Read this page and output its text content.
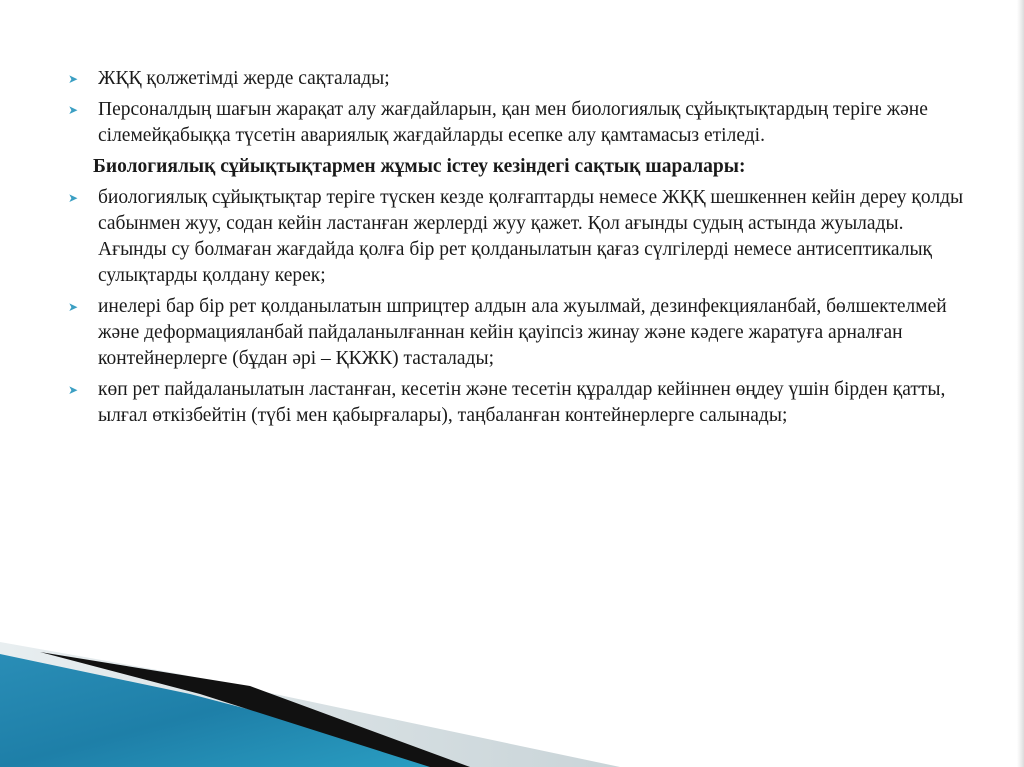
➤	ЖҚҚ қолжетімді жерде сақталады;
➤	Персоналдың шағын жарақат алу жағдайларын, қан мен биологиялық сұйықтықтардың теріге және сілемейқабыққа түсетін авариялық жағдайларды есепке алу қамтамасыз етіледі.
Биологиялық сұйықтықтармен жұмыс істеу кезіндегі сақтық шаралары:
➤	биологиялық сұйықтықтар теріге түскен кезде қолғаптарды немесе ЖҚҚ шешкеннен кейін дереу қолды сабынмен жуу, содан кейін ластанған жерлерді жуу қажет. Қол ағынды судың астында жуылады. Ағынды су болмаған жағдайда қолға бір рет қолданылатын қағаз сүлгілерді немесе антисептикалық сулықтарды қолдану керек;
➤	инелері бар бір рет қолданылатын шприцтер алдын ала жуылмай, дезинфекцияланбай, бөлшектелмей және деформацияланбай пайдаланылғаннан кейін қауіпсіз жинау және кәдеге жаратуға арналған контейнерлерге (бұдан әрі – ҚКЖК) тасталады;
➤	көп рет пайдаланылатын ластанған, кесетін және тесетін құралдар кейіннен өңдеу үшін бірден қатты, ылғал өткізбейтін (түбі мен қабырғалары), таңбаланған контейнерлерге салынады;
